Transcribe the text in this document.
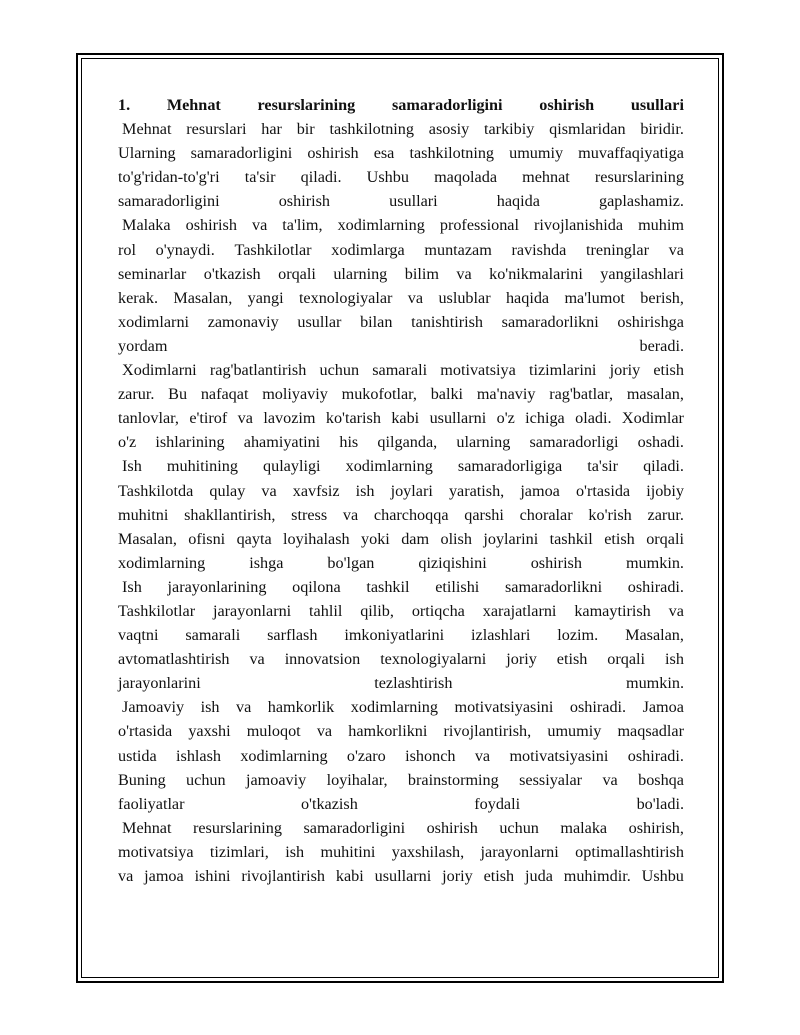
1. Mehnat resurslarining samaradorligini oshirish usullari
Mehnat resurslari har bir tashkilotning asosiy tarkibiy qismlaridan biridir.
Ularning samaradorligini oshirish esa tashkilotning umumiy muvaffaqiyatiga
to'g'ridan-to'g'ri ta'sir qiladi. Ushbu maqolada mehnat resurslarining
samaradorligini	oshirish	usullari	haqida	gaplashamiz.
Malaka oshirish va ta'lim, xodimlarning professional rivojlanishida muhim
rol o'ynaydi. Tashkilotlar xodimlarga muntazam ravishda treninglar va
seminarlar o'tkazish orqali ularning bilim va ko'nikmalarini yangilashlari
kerak. Masalan, yangi texnologiyalar va uslublar haqida ma'lumot berish,
xodimlarni zamonaviy usullar bilan tanishtirish samaradorlikni oshirishga
yordam	beradi.
Xodimlarni rag'batlantirish uchun samarali motivatsiya tizimlarini joriy etish
zarur. Bu nafaqat moliyaviy mukofotlar, balki ma'naviy rag'batlar, masalan,
tanlovlar, e'tirof va lavozim ko'tarish kabi usullarni o'z ichiga oladi. Xodimlar
o'z ishlarining ahamiyatini his qilganda, ularning samaradorligi oshadi.
Ish muhitining qulayligi xodimlarning samaradorligiga ta'sir qiladi.
Tashkilotda qulay va xavfsiz ish joylari yaratish, jamoa o'rtasida ijobiy
muhitni shakllantirish, stress va charchoqqa qarshi choralar ko'rish zarur.
Masalan, ofisni qayta loyihalash yoki dam olish joylarini tashkil etish orqali
xodimlarning	ishga	bo'lgan	qiziqishini	oshirish	mumkin.
Ish jarayonlarining oqilona tashkil etilishi samaradorlikni oshiradi.
Tashkilotlar jarayonlarni tahlil qilib, ortiqcha xarajatlarni kamaytirish va
vaqtni samarali sarflash imkoniyatlarini izlashlari lozim. Masalan,
avtomatlashtirish va innovatsion texnologiyalarni joriy etish orqali ish
jarayonlarini	tezlashtirish	mumkin.
Jamoaviy ish va hamkorlik xodimlarning motivatsiyasini oshiradi. Jamoa
o'rtasida yaxshi muloqot va hamkorlikni rivojlantirish, umumiy maqsadlar
ustida ishlash xodimlarning o'zaro ishonch va motivatsiyasini oshiradi.
Buning uchun jamoaviy loyihalar, brainstorming sessiyalar va boshqa
faoliyatlar	o'tkazish	foydali	bo'ladi.
Mehnat resurslarining samaradorligini oshirish uchun malaka oshirish,
motivatsiya tizimlari, ish muhitini yaxshilash, jarayonlarni optimallashtirish
va jamoa ishini rivojlantirish kabi usullarni joriy etish juda muhimdir. Ushbu
